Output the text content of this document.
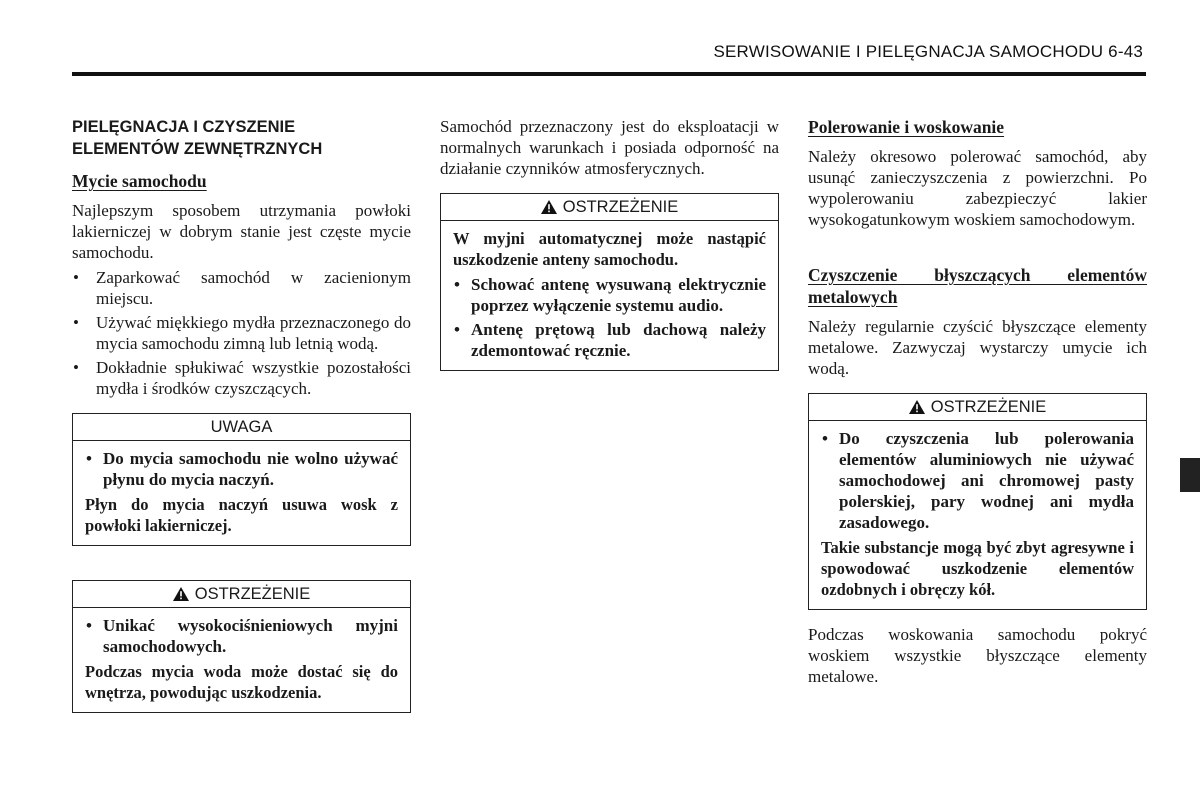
SERWISOWANIE I PIELĘGNACJA SAMOCHODU 6-43
PIELĘGNACJA I CZYSZENIE
ELEMENTÓW ZEWNĘTRZNYCH
Mycie samochodu

Najlepszym sposobem utrzymania powłoki lakierniczej w dobrym stanie jest częste mycie samochodu.

• Zaparkować samochód w zacienionym miejscu.
• Używać miękkiego mydła przeznaczonego do mycia samochodu zimną lub letnią wodą.
• Dokładnie spłukiwać wszystkie pozostałości mydła i środków czyszczących.
UWAGA
• Do mycia samochodu nie wolno używać płynu do mycia naczyń.

Płyn do mycia naczyń usuwa wosk z powłoki lakierniczej.

OSTRZEŻENIE
• Unikać wysokociśnieniowych myjni samochodowych.

Podczas mycia woda może dostać się do wnętrza, powodując uszkodzenia.

Samochód przeznaczony jest do eksploatacji w normalnych warunkach i posiada odporność na działanie czynników atmosferycznych.

OSTRZEŻENIE

W myjni automatycznej może nastąpić uszkodzenie anteny samochodu.

• Schować antenę wysuwaną elektrycznie poprzez wyłączenie systemu audio.
• Antenę prętową lub dachową należy zdemontować ręcznie.
Polerowanie i woskowanie

Należy okresowo polerować samochód, aby usunąć zanieczyszczenia z powierzchni. Po wypolerowaniu zabezpieczyć lakier wysokogatunkowym woskiem samochodowym.

Czyszczenie błyszczących elementów metalowych

Należy regularnie czyścić błyszczące elementy metalowe. Zazwyczaj wystarczy umycie ich wodą.

OSTRZEŻENIE
• Do czyszczenia lub polerowania elementów aluminiowych nie używać samochodowej ani chromowej pasty polerskiej, pary wodnej ani mydła zasadowego.

Takie substancje mogą być zbyt agresywne i spowodować uszkodzenie elementów ozdobnych i obręczy kół.

Podczas woskowania samochodu pokryć woskiem wszystkie błyszczące elementy metalowe.
